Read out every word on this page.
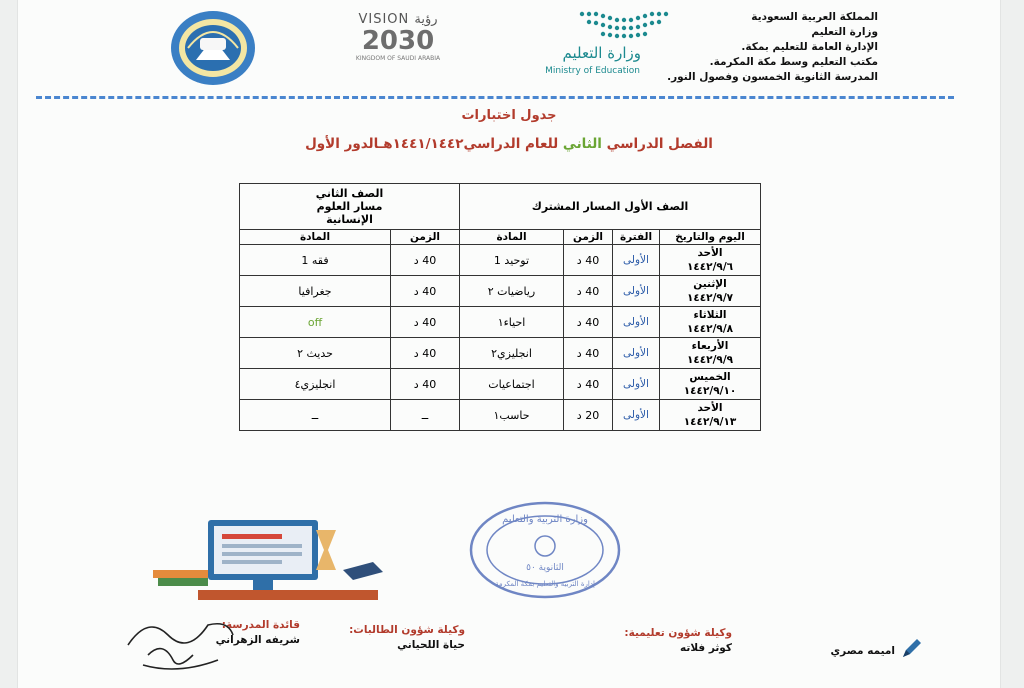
المملكة العربية السعودية
وزارة التعليم
الإدارة العامة للتعليم بمكة.
مكتب التعليم وسط مكة المكرمة.
المدرسة الثانوية الخمسون وفصول النور.
وزارة التعليم
Ministry of Education
VISION رؤية
2030
KINGDOM OF SAUDI ARABIA
جدول اختبارات
الفصل الدراسي الثاني للعام الدراسي١٤٤١/١٤٤٢هـالدور الأول
الصف الأول المسار المشترك				الصف الثاني
مسار العلوم
الإنسانية	

اليوم والتاريخ	الفترة	الزمن	المادة	الزمن	المادة

الأحد
١٤٤٢/٩/٦	الأولى	40 د	توحيد 1	40 د	فقه 1

الإثنين
١٤٤٢/٩/٧	الأولى	40 د	رياضيات ٢	40 د	جغرافيا

الثلاثاء
١٤٤٢/٩/٨	الأولى	40 د	احياء١	40 د	off

الأربعاء
١٤٤٢/٩/٩	الأولى	40 د	انجليزي٢	40 د	حديث ٢

الخميس
١٤٤٢/٩/١٠	الأولى	40 د	اجتماعيات	40 د	انجليزي٤

الأحد
١٤٤٢/٩/١٣	الأولى	20 د	حاسب١	ــ	ــ
وزارة التربية والتعليم
الثانوية ٥٠
إدارة التربية والتعليم بمكة المكرمة
قائدة المدرسة:
شريفه الزهراني
وكيلة شؤون الطالبات:
حياة اللحياني
وكيلة شؤون تعليمية:
كوثر فلاته	اميمه مصري
